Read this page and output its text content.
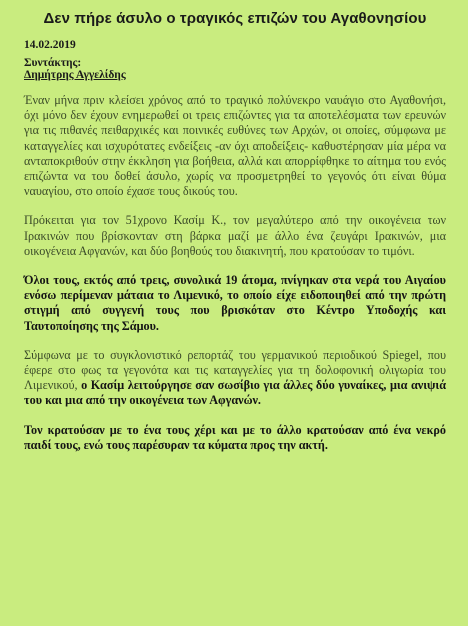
Δεν πήρε άσυλο ο τραγικός επιζών του Αγαθονησίου
14.02.2019
Συντάκτης:
Δημήτρης Αγγελίδης

Έναν μήνα πριν κλείσει χρόνος από το τραγικό πολύνεκρο ναυάγιο στο Αγαθονήσι, όχι μόνο δεν έχουν ενημερωθεί οι τρεις επιζώντες για τα αποτελέσματα των ερευνών για τις πιθανές πειθαρχικές και ποινικές ευθύνες των Αρχών, οι οποίες, σύμφωνα με καταγγελίες και ισχυρότατες ενδείξεις -αν όχι αποδείξεις- καθυστέρησαν μία μέρα να ανταποκριθούν στην έκκληση για βοήθεια, αλλά και απορρίφθηκε το αίτημα του ενός επιζώντα να του δοθεί άσυλο, χωρίς να προσμετρηθεί το γεγονός ότι είναι θύμα ναυαγίου, στο οποίο έχασε τους δικούς του.

Πρόκειται για τον 51χρονο Κασίμ Κ., τον μεγαλύτερο από την οικογένεια των Ιρακινών που βρίσκονταν στη βάρκα μαζί με άλλο ένα ζευγάρι Ιρακινών, μια οικογένεια Αφγανών, και δύο βοηθούς του διακινητή, που κρατούσαν το τιμόνι.

Όλοι τους, εκτός από τρεις, συνολικά 19 άτομα, πνίγηκαν στα νερά του Αιγαίου ενόσω περίμεναν μάταια το Λιμενικό, το οποίο είχε ειδοποιηθεί από την πρώτη στιγμή από συγγενή τους που βρισκόταν στο Κέντρο Υποδοχής και Ταυτοποίησης της Σάμου.

Σύμφωνα με το συγκλονιστικό ρεπορτάζ του γερμανικού περιοδικού Spiegel, που έφερε στο φως τα γεγονότα και τις καταγγελίες για τη δολοφονική ολιγωρία του Λιμενικού, ο Κασίμ λειτούργησε σαν σωσίβιο για άλλες δύο γυναίκες, μια ανιψιά του και μια από την οικογένεια των Αφγανών.

Τον κρατούσαν με το ένα τους χέρι και με το άλλο κρατούσαν από ένα νεκρό παιδί τους, ενώ τους παρέσυραν τα κύματα προς την ακτή.
